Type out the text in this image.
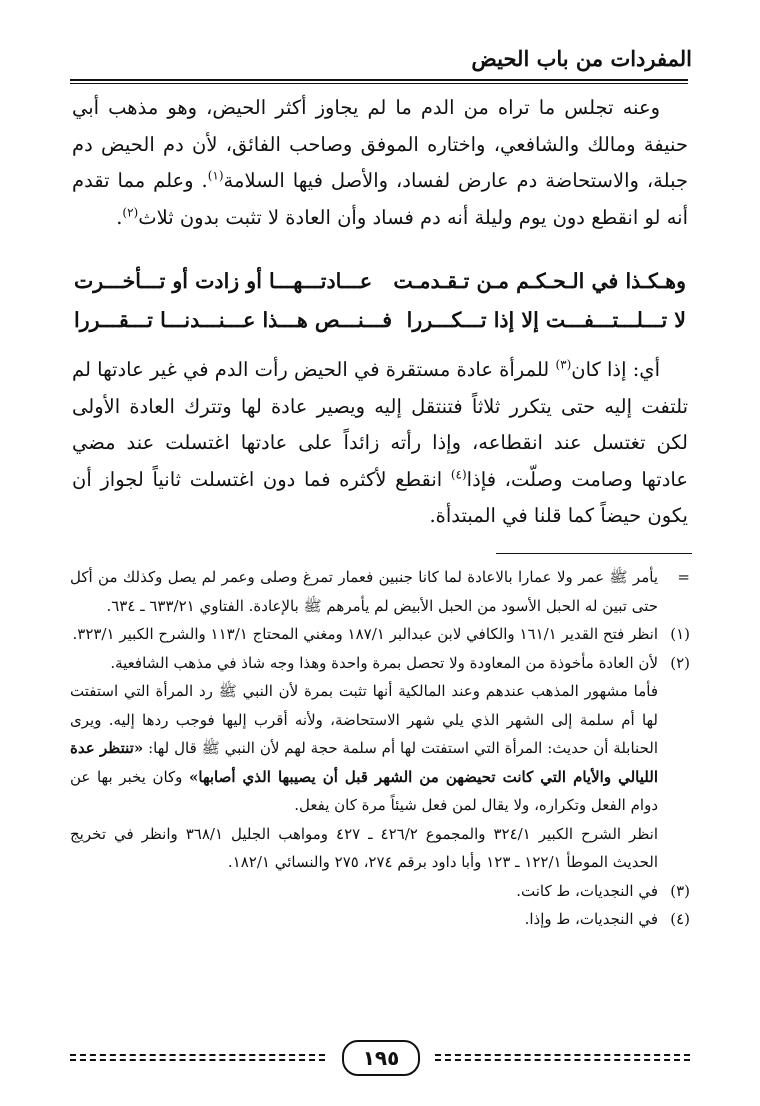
المفردات من باب الحيض

وعنه تجلس ما تراه من الدم ما لم يجاوز أكثر الحيض، وهو مذهب أبي حنيفة ومالك والشافعي، واختاره الموفق وصاحب الفائق، لأن دم الحيض دم جبلة، والاستحاضة دم عارض لفساد، والأصل فيها السلامة$^{(١)}$. وعلم مما تقدم أنه لو انقطع دون يوم وليلة أنه دم فساد وأن العادة لا تثبت بدون ثلاث$^{(٢)}$.

وهـكـذا في الـحـكـم مـن تـقـدمـت
عـــادتـــهـــا أو زادت أو تـــأخـــرت
لا تـــلـــتـــفـــت إلا إذا تـــكـــررا
فـــنـــص هـــذا عـــنـــدنـــا تـــقـــررا

أي: إذا كان$^{(٣)}$ للمرأة عادة مستقرة في الحيض رأت الدم في غير عادتها لم تلتفت إليه حتى يتكرر ثلاثاً فتنتقل إليه ويصير عادة لها وتترك العادة الأولى لكن تغتسل عند انقطاعه، وإذا رأته زائداً على عادتها اغتسلت عند مضي عادتها وصامت وصلّت، فإذا$^{(٤)}$ انقطع لأكثره فما دون اغتسلت ثانياً لجواز أن يكون حيضاً كما قلنا في المبتدأة.

=
يأمر ﷺ عمر ولا عمارا بالاعادة لما كانا جنبين فعمار تمرغ وصلى وعمر لم يصل وكذلك من أكل حتى تبين له الحبل الأسود من الحبل الأبيض لم يأمرهم ﷺ بالإعادة. الفتاوي ٦٣٣/٢١ ـ ٦٣٤.
(١)
انظر فتح القدير ١٦١/١ والكافي لابن عبدالبر ١٨٧/١ ومغني المحتاج ١١٣/١ والشرح الكبير ٣٢٣/١.
(٢)
لأن العادة مأخوذة من المعاودة ولا تحصل بمرة واحدة وهذا وجه شاذ في مذهب الشافعية.
فأما مشهور المذهب عندهم وعند المالكية أنها تثبت بمرة لأن النبي ﷺ رد المرأة التي استفتت لها أم سلمة إلى الشهر الذي يلي شهر الاستحاضة، ولأنه أقرب إليها فوجب ردها إليه. ويرى الحنابلة أن حديث: المرأة التي استفتت لها أم سلمة حجة لهم لأن النبي ﷺ قال لها: «تنتظر عدة الليالي والأيام التي كانت تحيضهن من الشهر قبل أن يصيبها الذي أصابها» وكان يخبر بها عن دوام الفعل وتكراره، ولا يقال لمن فعل شيئاً مرة كان يفعل.
انظر الشرح الكبير ٣٢٤/١ والمجموع ٤٢٦/٢ ـ ٤٢٧ ومواهب الجليل ٣٦٨/١ وانظر في تخريج الحديث الموطأ ١٢٢/١ ـ ١٢٣ وأبا داود برقم ٢٧٤، ٢٧٥ والنسائي ١٨٢/١.
(٣)
في النجديات، ط كانت.
(٤)
في النجديات، ط وإذا.
١٩٥
